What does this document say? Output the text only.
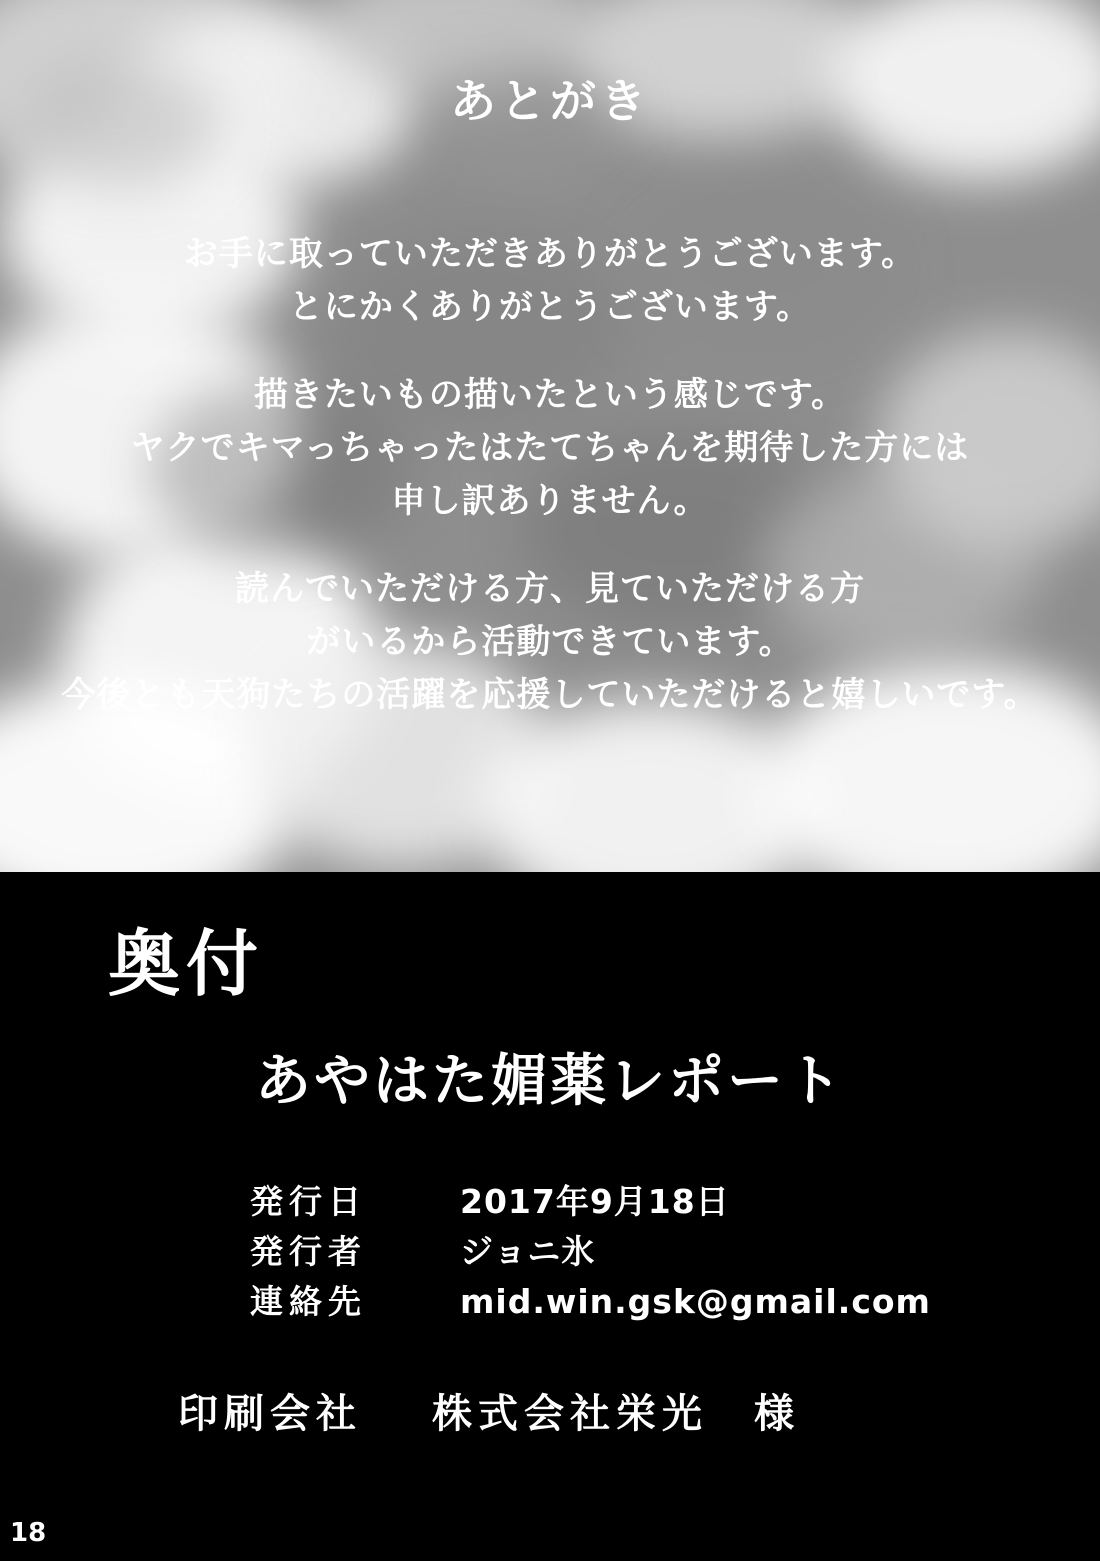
あとがき

お手に取っていただきありがとうございます。
とにかくありがとうございます。

描きたいもの描いたという感じです。
ヤクでキマっちゃったはたてちゃんを期待した方には
申し訳ありません。

読んでいただける方、見ていただける方
がいるから活動できています。
今後とも天狗たちの活躍を応援していただけると嬉しいです。

奥付
あやはた媚薬レポート
発行日	2017年9月18日
発行者	ジョニ氷
連絡先	mid.win.gsk@gmail.com
印刷会社 株式会社栄光 様
18
